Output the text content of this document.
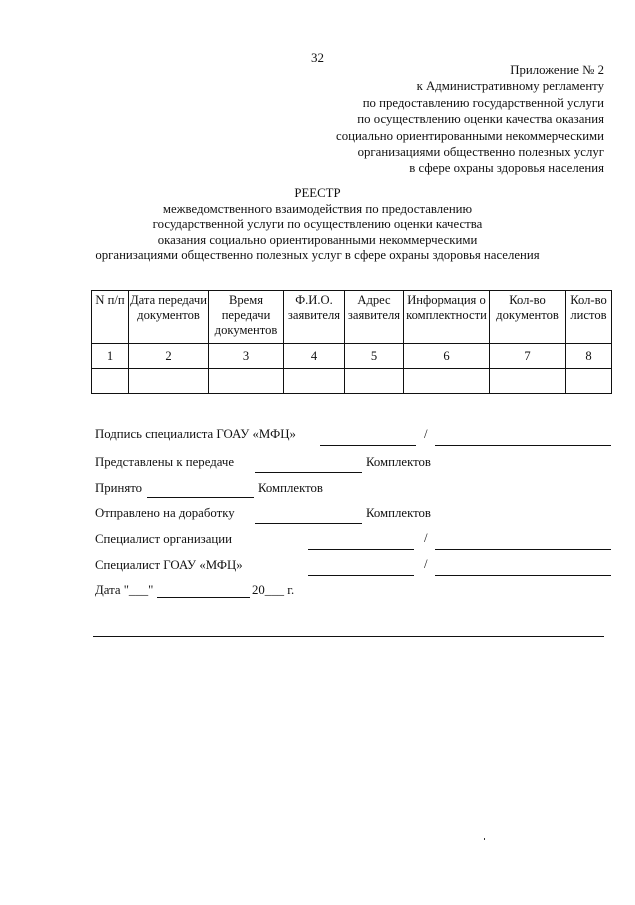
32
Приложение № 2
к Административному регламенту
по предоставлению государственной услуги
по осуществлению оценки качества оказания
социально ориентированными некоммерческими
организациями общественно полезных услуг
в сфере охраны здоровья населения
РЕЕСТР
межведомственного взаимодействия по предоставлению
государственной услуги по осуществлению оценки качества
оказания социально ориентированными некоммерческими
организациями общественно полезных услуг в сфере охраны здоровья населения
N п/п	Дата передачи документов	Время передачи документов	Ф.И.О. заявителя	Адрес заявителя	Информация о комплектности	Кол-во документов	Кол-во листов
1	2	3	4	5	6	7	8

Подпись специалиста ГОАУ «МФЦ»	/
Представлены к передаче	Комплектов
Принято	Комплектов
Отправлено на доработку	Комплектов
Специалист организации	/
Специалист ГОАУ «МФЦ»	/
Дата "___"	20___ г.
